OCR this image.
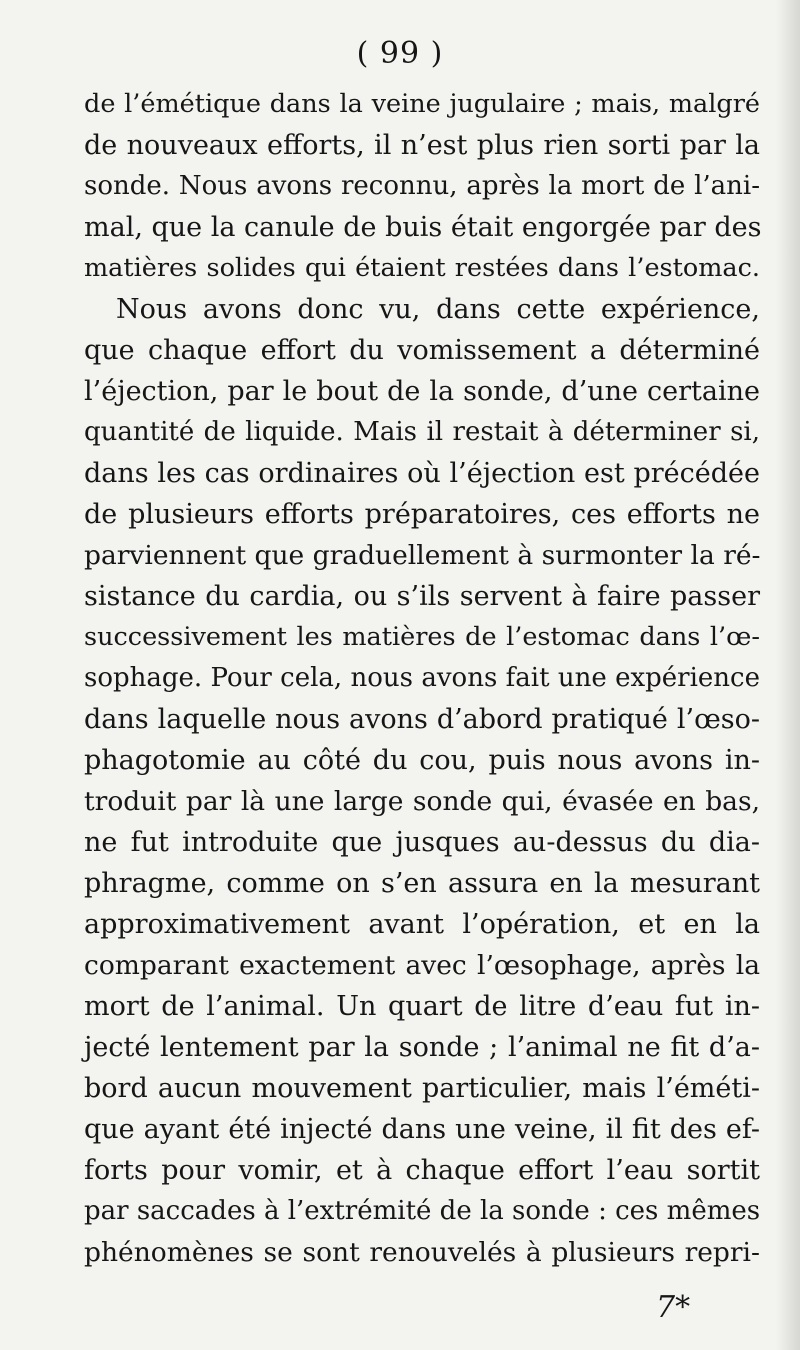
( 99 )
de l’émétique dans la veine jugulaire ; mais, malgré
de nouveaux efforts, il n’est plus rien sorti par la
sonde. Nous avons reconnu, après la mort de l’ani-
mal, que la canule de buis était engorgée par des
matières solides qui étaient restées dans l’estomac.
Nous avons donc vu, dans cette expérience,
que chaque effort du vomissement a déterminé
l’éjection, par le bout de la sonde, d’une certaine
quantité de liquide. Mais il restait à déterminer si,
dans les cas ordinaires où l’éjection est précédée
de plusieurs efforts préparatoires, ces efforts ne
parviennent que graduellement à surmonter la ré-
sistance du cardia, ou s’ils servent à faire passer
successivement les matières de l’estomac dans l’œ-
sophage. Pour cela, nous avons fait une expérience
dans laquelle nous avons d’abord pratiqué l’œso-
phagotomie au côté du cou, puis nous avons in-
troduit par là une large sonde qui, évasée en bas,
ne fut introduite que jusques au-dessus du dia-
phragme, comme on s’en assura en la mesurant
approximativement avant l’opération, et en la
comparant exactement avec l’œsophage, après la
mort de l’animal. Un quart de litre d’eau fut in-
jecté lentement par la sonde ; l’animal ne fit d’a-
bord aucun mouvement particulier, mais l’éméti-
que ayant été injecté dans une veine, il fit des ef-
forts pour vomir, et à chaque effort l’eau sortit
par saccades à l’extrémité de la sonde : ces mêmes
phénomènes se sont renouvelés à plusieurs repri-
7*
